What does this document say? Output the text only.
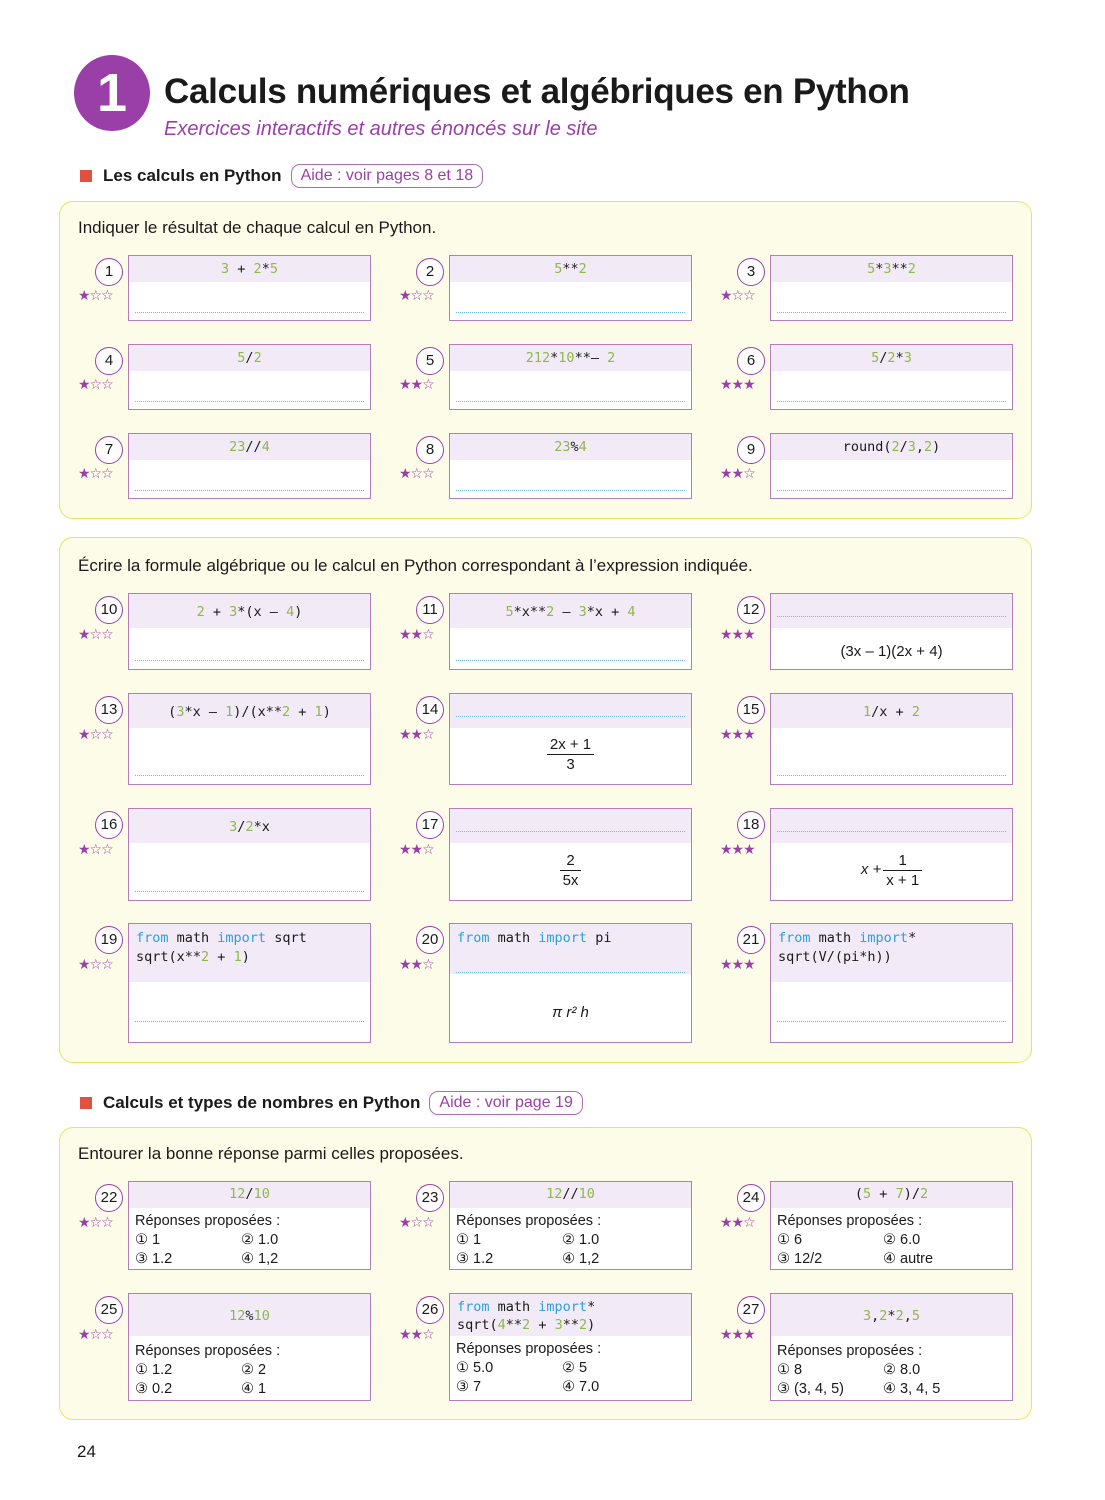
1	Calculs numériques et algébriques en Python
Exercices interactifs et autres énoncés sur le site
Les calculs en Python	Aide : voir pages 8 et 18
Indiquer le résultat de chaque calcul en Python.
Écrire la formule algébrique ou le calcul en Python correspondant à l’expression indiquée.
Calculs et types de nombres en Python	Aide : voir page 19
Entourer la bonne réponse parmi celles proposées.
1
★☆☆
3 + 2*5	2
★☆☆
5**2	3
★☆☆
5*3**2
4
★☆☆
5/2	5
★★☆
212*10**– 2	6
★★★
5/2*3
7
★☆☆
23//4	8
★☆☆
23%4	9
★★☆
round(2/3,2)
10
★☆☆
2 + 3*(x – 4)	11
★★☆
5*x**2 – 3*x + 4	12
★★★
(3x – 1)(2x + 4)
13
★☆☆
(3*x – 1)/(x**2 + 1)	14
★★☆
$\frac{2x + 1}{3}$
15
★★★
1/x + 2
16
★☆☆
3/2*x	17
★★☆
$\frac{2}{5x}$
18
★★★
$x + \frac{1}{x + 1}$
19
★☆☆
from math import sqrt
sqrt(x**2 + 1)
20
★★☆
from math import pi
π r² h
21
★★★
from math import*
sqrt(V/(pi*h))
22
★☆☆
12/10
Réponses proposées :
① 1	② 1.0
③ 1.2	④ 1,2
23
★☆☆
12//10
Réponses proposées :
① 1	② 1.0
③ 1.2	④ 1,2
24
★★☆
(5 + 7)/2
Réponses proposées :
① 6	② 6.0
③ 12/2	④ autre
25
★☆☆
12%10
Réponses proposées :
① 1.2	② 2
③ 0.2	④ 1
26
★★☆
from math import*
sqrt(4**2 + 3**2)
Réponses proposées :
① 5.0	② 5
③ 7	④ 7.0
27
★★★
3,2*2,5
Réponses proposées :
① 8	② 8.0
③ (3, 4, 5)	④ 3, 4, 5
24
